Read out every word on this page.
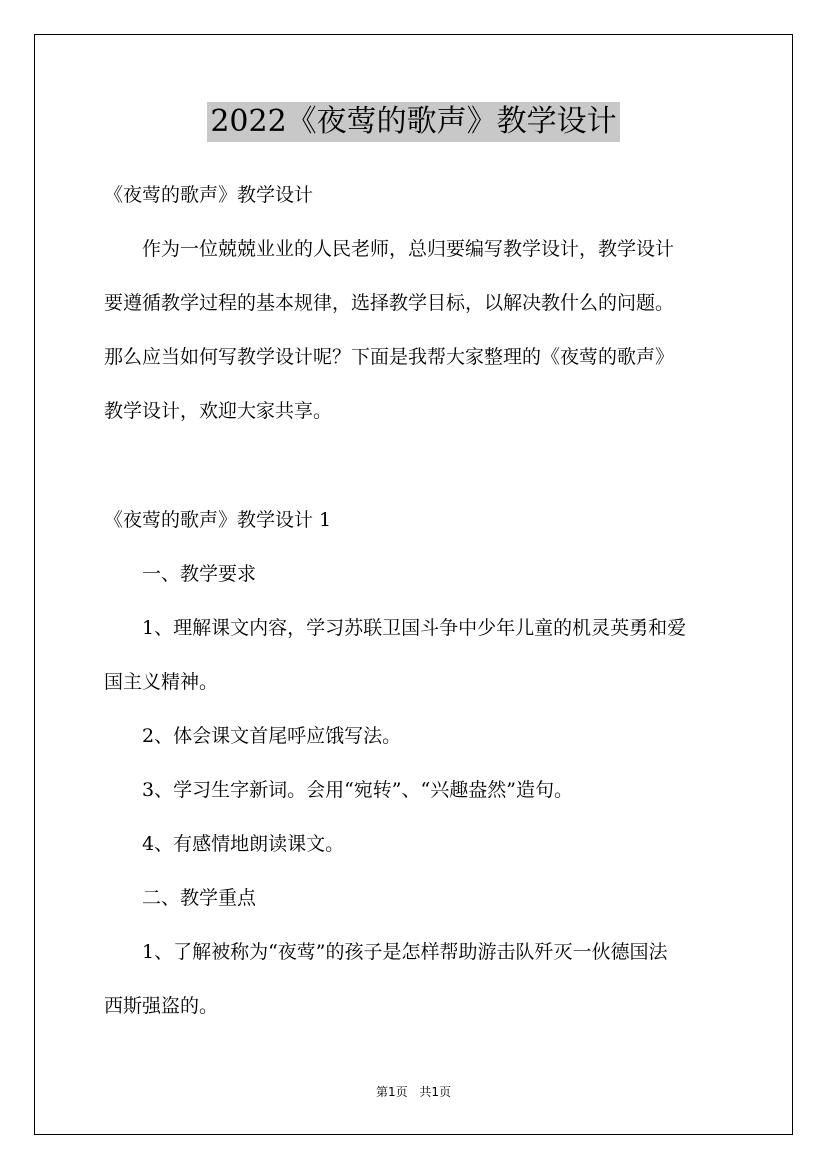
2022《夜莺的歌声》教学设计
《夜莺的歌声》教学设计
作为一位兢兢业业的人民老师，总归要编写教学设计，教学设计
要遵循教学过程的基本规律，选择教学目标，以解决教什么的问题。
那么应当如何写教学设计呢？下面是我帮大家整理的《夜莺的歌声》
教学设计，欢迎大家共享。
《夜莺的歌声》教学设计 1
一、教学要求
1、理解课文内容，学习苏联卫国斗争中少年儿童的机灵英勇和爱
国主义精神。
2、体会课文首尾呼应饿写法。
3、学习生字新词。会用“宛转”、“兴趣盎然”造句。
4、有感情地朗读课文。
二、教学重点
1、了解被称为“夜莺”的孩子是怎样帮助游击队歼灭一伙德国法
西斯强盗的。
第1页 共1页
